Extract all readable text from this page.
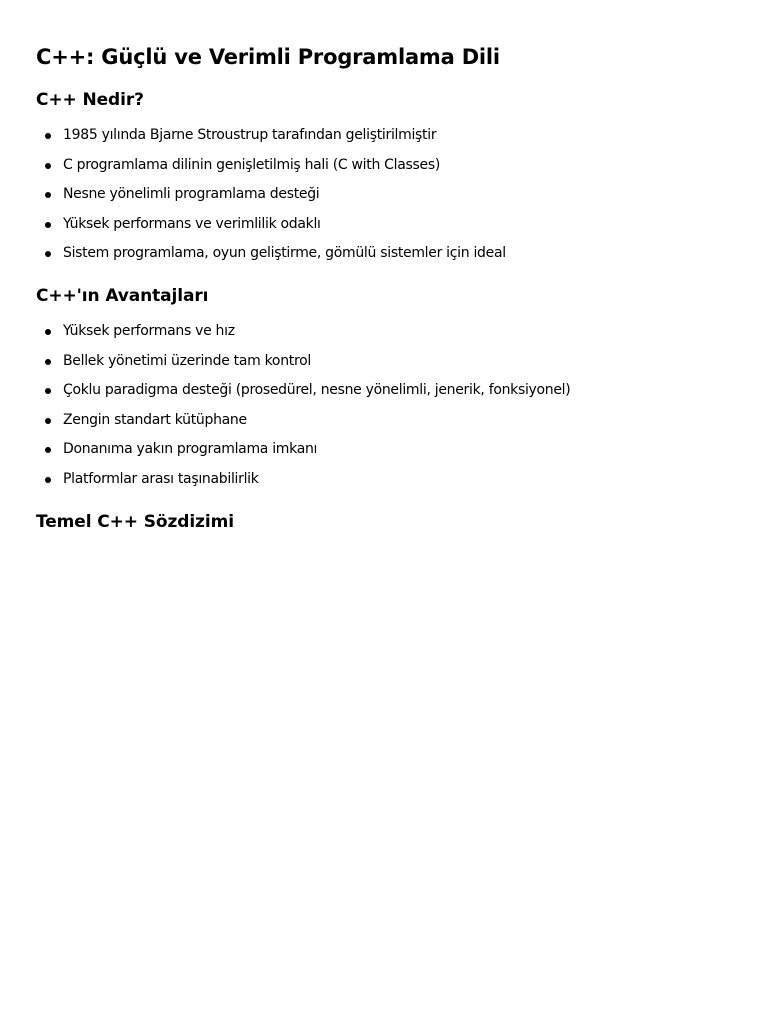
C++: Güçlü ve Verimli Programlama Dili
C++ Nedir?
1985 yılında Bjarne Stroustrup tarafından geliştirilmiştir
C programlama dilinin genişletilmiş hali (C with Classes)
Nesne yönelimli programlama desteği
Yüksek performans ve verimlilik odaklı
Sistem programlama, oyun geliştirme, gömülü sistemler için ideal
C++'ın Avantajları
Yüksek performans ve hız
Bellek yönetimi üzerinde tam kontrol
Çoklu paradigma desteği (prosedürel, nesne yönelimli, jenerik, fonksiyonel)
Zengin standart kütüphane
Donanıma yakın programlama imkanı
Platformlar arası taşınabilirlik
Temel C++ Sözdizimi
